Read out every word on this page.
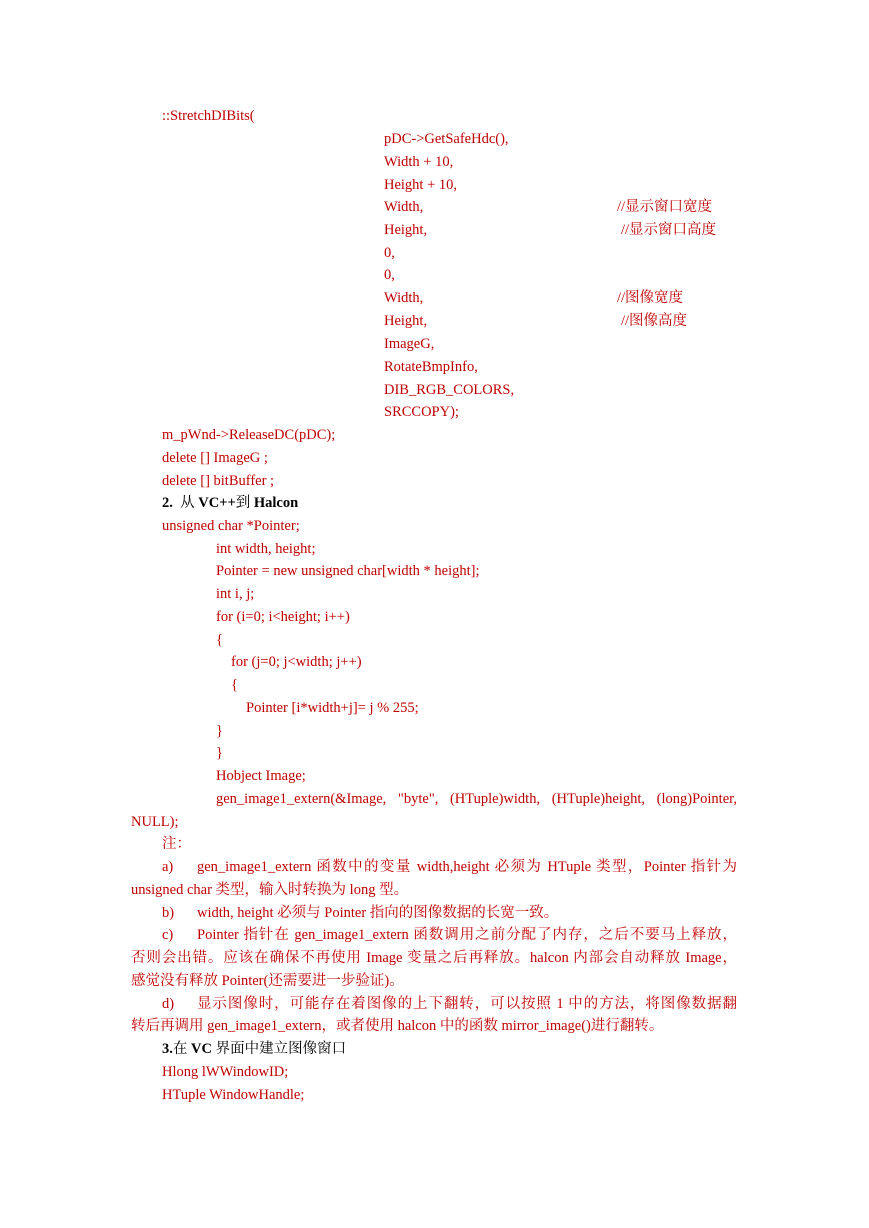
::StretchDIBits(
pDC->GetSafeHdc(),
Width + 10,
Height + 10,
Width,	//显示窗口宽度
Height,	//显示窗口高度
0,
0,
Width,	//图像宽度
Height,	//图像高度
ImageG,
RotateBmpInfo,
DIB_RGB_COLORS,
SRCCOPY);
m_pWnd->ReleaseDC(pDC);
delete [] ImageG ;
delete [] bitBuffer ;
2. 从 VC++到 Halcon
unsigned char *Pointer;
int width, height;
Pointer = new unsigned char[width * height];
int i, j;
for (i=0; i<height; i++)
{
for (j=0; j<width; j++)
{
Pointer [i*width+j]= j % 255;
}
}
Hobject Image;
gen_image1_extern(&Image, "byte", (HTuple)width, (HTuple)height, (long)Pointer,
NULL);
注：
a)	gen_image1_extern 函数中的变量 width,height 必须为 HTuple 类型，Pointer 指针为
unsigned char 类型，输入时转换为 long 型。
b)	width, height 必须与 Pointer 指向的图像数据的长宽一致。
c)	Pointer 指针在 gen_image1_extern 函数调用之前分配了内存，之后不要马上释放，
否则会出错。应该在确保不再使用 Image 变量之后再释放。halcon 内部会自动释放 Image，
感觉没有释放 Pointer(还需要进一步验证)。
d)	显示图像时，可能存在着图像的上下翻转，可以按照 1 中的方法，将图像数据翻
转后再调用 gen_image1_extern，或者使用 halcon 中的函数 mirror_image()进行翻转。
3.在 VC 界面中建立图像窗口
Hlong lWWindowID;
HTuple WindowHandle;
